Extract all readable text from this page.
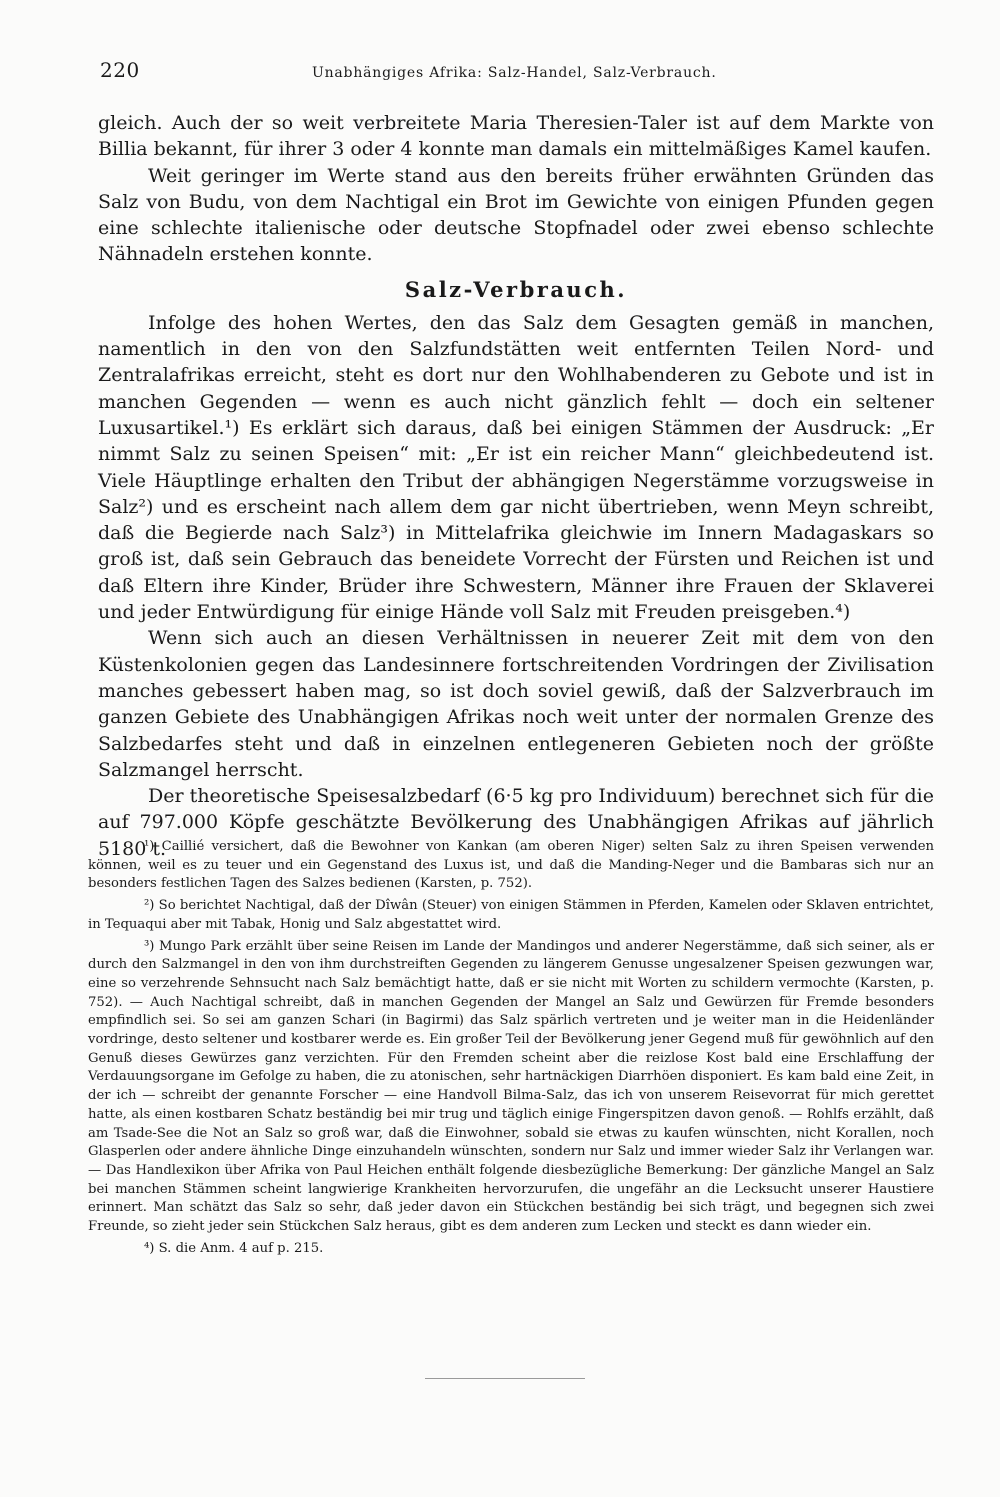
220	Unabhängiges Afrika: Salz-Handel, Salz-Verbrauch.

gleich. Auch der so weit verbreitete Maria Theresien-Taler ist auf dem Markte von Billia bekannt, für ihrer 3 oder 4 konnte man damals ein mittelmäßiges Kamel kaufen.

Weit geringer im Werte stand aus den bereits früher erwähnten Gründen das Salz von Budu, von dem Nachtigal ein Brot im Gewichte von einigen Pfunden gegen eine schlechte italienische oder deutsche Stopfnadel oder zwei ebenso schlechte Nähnadeln erstehen konnte.

Salz-Verbrauch.

Infolge des hohen Wertes, den das Salz dem Gesagten gemäß in manchen, namentlich in den von den Salzfundstätten weit entfernten Teilen Nord- und Zentralafrikas erreicht, steht es dort nur den Wohlhabenderen zu Gebote und ist in manchen Gegenden — wenn es auch nicht gänzlich fehlt — doch ein seltener Luxusartikel.¹) Es erklärt sich daraus, daß bei einigen Stämmen der Ausdruck: „Er nimmt Salz zu seinen Speisen“ mit: „Er ist ein reicher Mann“ gleichbedeutend ist. Viele Häuptlinge erhalten den Tribut der abhängigen Negerstämme vorzugsweise in Salz²) und es erscheint nach allem dem gar nicht übertrieben, wenn Meyn schreibt, daß die Begierde nach Salz³) in Mittelafrika gleichwie im Innern Madagaskars so groß ist, daß sein Gebrauch das beneidete Vorrecht der Fürsten und Reichen ist und daß Eltern ihre Kinder, Brüder ihre Schwestern, Männer ihre Frauen der Sklaverei und jeder Entwürdigung für einige Hände voll Salz mit Freuden preisgeben.⁴)

Wenn sich auch an diesen Verhältnissen in neuerer Zeit mit dem von den Küstenkolonien gegen das Landesinnere fortschreitenden Vordringen der Zivilisation manches gebessert haben mag, so ist doch soviel gewiß, daß der Salzverbrauch im ganzen Gebiete des Unabhängigen Afrikas noch weit unter der normalen Grenze des Salzbedarfes steht und daß in einzelnen entlegeneren Gebieten noch der größte Salzmangel herrscht.

Der theoretische Speisesalzbedarf (6·5 kg pro Individuum) berechnet sich für die auf 797.000 Köpfe geschätzte Bevölkerung des Unabhängigen Afrikas auf jährlich 5180 t.

¹) Caillié versichert, daß die Bewohner von Kankan (am oberen Niger) selten Salz zu ihren Speisen verwenden können, weil es zu teuer und ein Gegenstand des Luxus ist, und daß die Manding-Neger und die Bambaras sich nur an besonders festlichen Tagen des Salzes bedienen (Karsten, p. 752).

²) So berichtet Nachtigal, daß der Dîwân (Steuer) von einigen Stämmen in Pferden, Kamelen oder Sklaven entrichtet, in Tequaqui aber mit Tabak, Honig und Salz abgestattet wird.

³) Mungo Park erzählt über seine Reisen im Lande der Mandingos und anderer Negerstämme, daß sich seiner, als er durch den Salzmangel in den von ihm durchstreiften Gegenden zu längerem Genusse ungesalzener Speisen gezwungen war, eine so verzehrende Sehnsucht nach Salz bemächtigt hatte, daß er sie nicht mit Worten zu schildern vermochte (Karsten, p. 752). — Auch Nachtigal schreibt, daß in manchen Gegenden der Mangel an Salz und Gewürzen für Fremde besonders empfindlich sei. So sei am ganzen Schari (in Bagirmi) das Salz spärlich vertreten und je weiter man in die Heidenländer vordringe, desto seltener und kostbarer werde es. Ein großer Teil der Bevölkerung jener Gegend muß für gewöhnlich auf den Genuß dieses Gewürzes ganz verzichten. Für den Fremden scheint aber die reizlose Kost bald eine Erschlaffung der Verdauungsorgane im Gefolge zu haben, die zu atonischen, sehr hartnäckigen Diarrhöen disponiert. Es kam bald eine Zeit, in der ich — schreibt der genannte Forscher — eine Handvoll Bilma-Salz, das ich von unserem Reisevorrat für mich gerettet hatte, als einen kostbaren Schatz beständig bei mir trug und täglich einige Fingerspitzen davon genoß. — Rohlfs erzählt, daß am Tsade-See die Not an Salz so groß war, daß die Einwohner, sobald sie etwas zu kaufen wünschten, nicht Korallen, noch Glasperlen oder andere ähnliche Dinge einzuhandeln wünschten, sondern nur Salz und immer wieder Salz ihr Verlangen war. — Das Handlexikon über Afrika von Paul Heichen enthält folgende diesbezügliche Bemerkung: Der gänzliche Mangel an Salz bei manchen Stämmen scheint langwierige Krankheiten hervorzurufen, die ungefähr an die Lecksucht unserer Haustiere erinnert. Man schätzt das Salz so sehr, daß jeder davon ein Stückchen beständig bei sich trägt, und begegnen sich zwei Freunde, so zieht jeder sein Stückchen Salz heraus, gibt es dem anderen zum Lecken und steckt es dann wieder ein.

⁴) S. die Anm. 4 auf p. 215.
